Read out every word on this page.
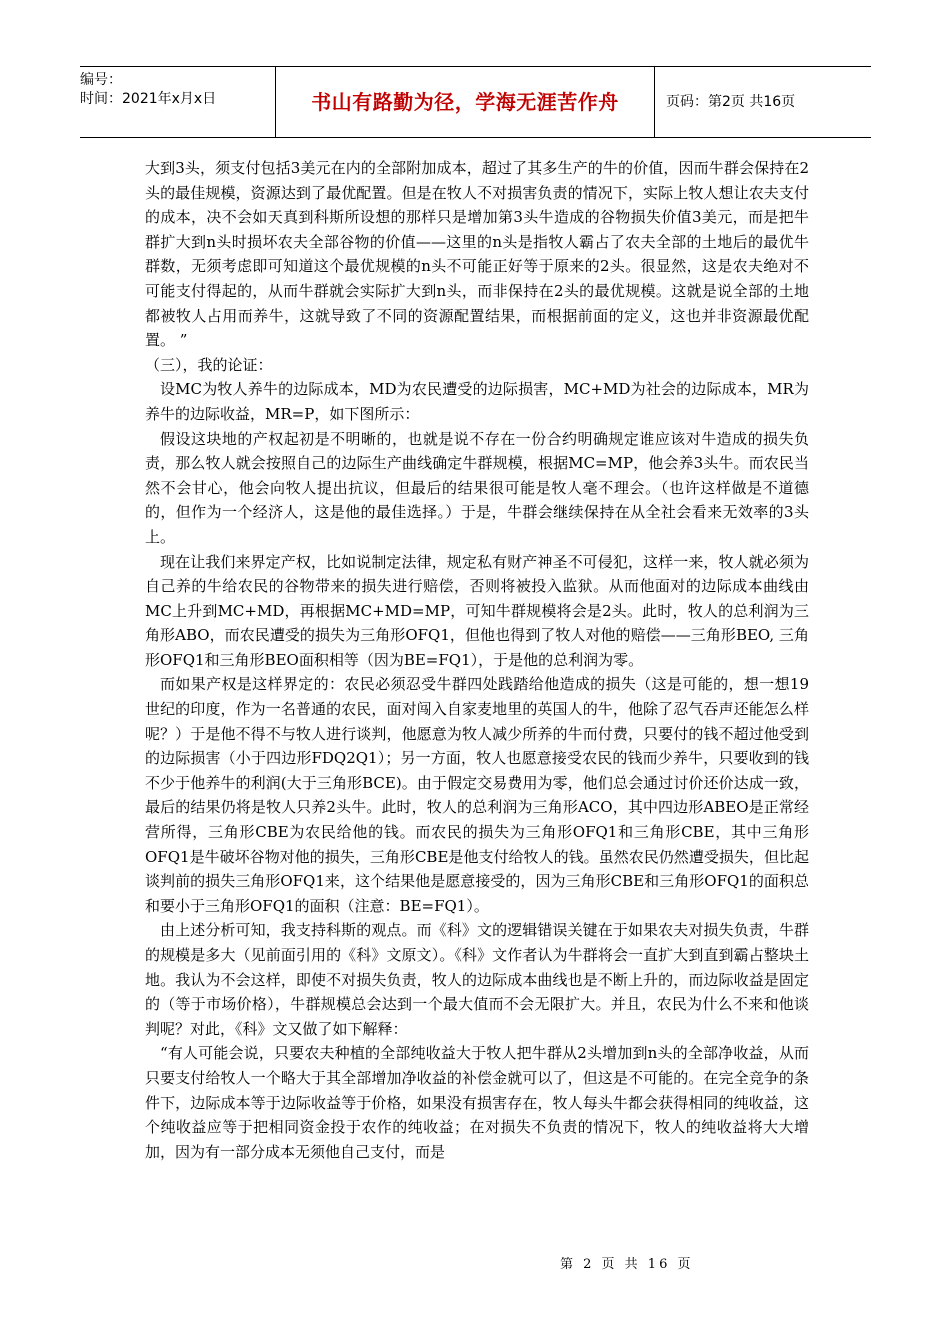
编号：
时间：2021年x月x日	书山有路勤为径，学海无涯苦作舟	页码：第2页 共16页

大到3头，须支付包括3美元在内的全部附加成本，超过了其多生产的牛的价值，因而牛群会保持在2头的最佳规模，资源达到了最优配置。但是在牧人不对损害负责的情况下，实际上牧人想让农夫支付的成本，决不会如天真到科斯所设想的那样只是增加第3头牛造成的谷物损失价值3美元，而是把牛群扩大到n头时损坏农夫全部谷物的价值——这里的n头是指牧人霸占了农夫全部的土地后的最优牛群数，无须考虑即可知道这个最优规模的n头不可能正好等于原来的2头。很显然，这是农夫绝对不可能支付得起的，从而牛群就会实际扩大到n头，而非保持在2头的最优规模。这就是说全部的土地都被牧人占用而养牛，这就导致了不同的资源配置结果，而根据前面的定义，这也并非资源最优配置。 ”

（三），我的论证：

设MC为牧人养牛的边际成本，MD为农民遭受的边际损害，MC+MD为社会的边际成本，MR为养牛的边际收益，MR=P，如下图所示：

假设这块地的产权起初是不明晰的，也就是说不存在一份合约明确规定谁应该对牛造成的损失负责，那么牧人就会按照自己的边际生产曲线确定牛群规模，根据MC=MP，他会养3头牛。而农民当然不会甘心，他会向牧人提出抗议，但最后的结果很可能是牧人毫不理会。（也许这样做是不道德的，但作为一个经济人，这是他的最佳选择。）于是，牛群会继续保持在从全社会看来无效率的3头上。

现在让我们来界定产权，比如说制定法律，规定私有财产神圣不可侵犯，这样一来，牧人就必须为自己养的牛给农民的谷物带来的损失进行赔偿，否则将被投入监狱。从而他面对的边际成本曲线由MC上升到MC+MD，再根据MC+MD=MP，可知牛群规模将会是2头。此时，牧人的总利润为三角形ABO，而农民遭受的损失为三角形OFQ1，但他也得到了牧人对他的赔偿——三角形BEO, 三角形OFQ1和三角形BEO面积相等（因为BE=FQ1），于是他的总利润为零。

而如果产权是这样界定的：农民必须忍受牛群四处践踏给他造成的损失（这是可能的，想一想19世纪的印度，作为一名普通的农民，面对闯入自家麦地里的英国人的牛，他除了忍气吞声还能怎么样呢？）于是他不得不与牧人进行谈判，他愿意为牧人减少所养的牛而付费，只要付的钱不超过他受到的边际损害（小于四边形FDQ2Q1）；另一方面，牧人也愿意接受农民的钱而少养牛，只要收到的钱不少于他养牛的利润(大于三角形BCE)。由于假定交易费用为零，他们总会通过讨价还价达成一致，最后的结果仍将是牧人只养2头牛。此时，牧人的总利润为三角形ACO，其中四边形ABEO是正常经营所得，三角形CBE为农民给他的钱。而农民的损失为三角形OFQ1和三角形CBE，其中三角形OFQ1是牛破坏谷物对他的损失，三角形CBE是他支付给牧人的钱。虽然农民仍然遭受损失，但比起谈判前的损失三角形OFQ1来，这个结果他是愿意接受的，因为三角形CBE和三角形OFQ1的面积总和要小于三角形OFQ1的面积（注意：BE=FQ1）。

由上述分析可知，我支持科斯的观点。而《科》文的逻辑错误关键在于如果农夫对损失负责，牛群的规模是多大（见前面引用的《科》文原文）。《科》文作者认为牛群将会一直扩大到直到霸占整块土地。我认为不会这样，即使不对损失负责，牧人的边际成本曲线也是不断上升的，而边际收益是固定的（等于市场价格），牛群规模总会达到一个最大值而不会无限扩大。并且，农民为什么不来和他谈判呢？对此，《科》文又做了如下解释：

“有人可能会说，只要农夫种植的全部纯收益大于牧人把牛群从2头增加到n头的全部净收益，从而只要支付给牧人一个略大于其全部增加净收益的补偿金就可以了，但这是不可能的。在完全竞争的条件下，边际成本等于边际收益等于价格，如果没有损害存在，牧人每头牛都会获得相同的纯收益，这个纯收益应等于把相同资金投于农作的纯收益；在对损失不负责的情况下，牧人的纯收益将大大增加，因为有一部分成本无须他自己支付，而是

第 2 页 共 16 页
